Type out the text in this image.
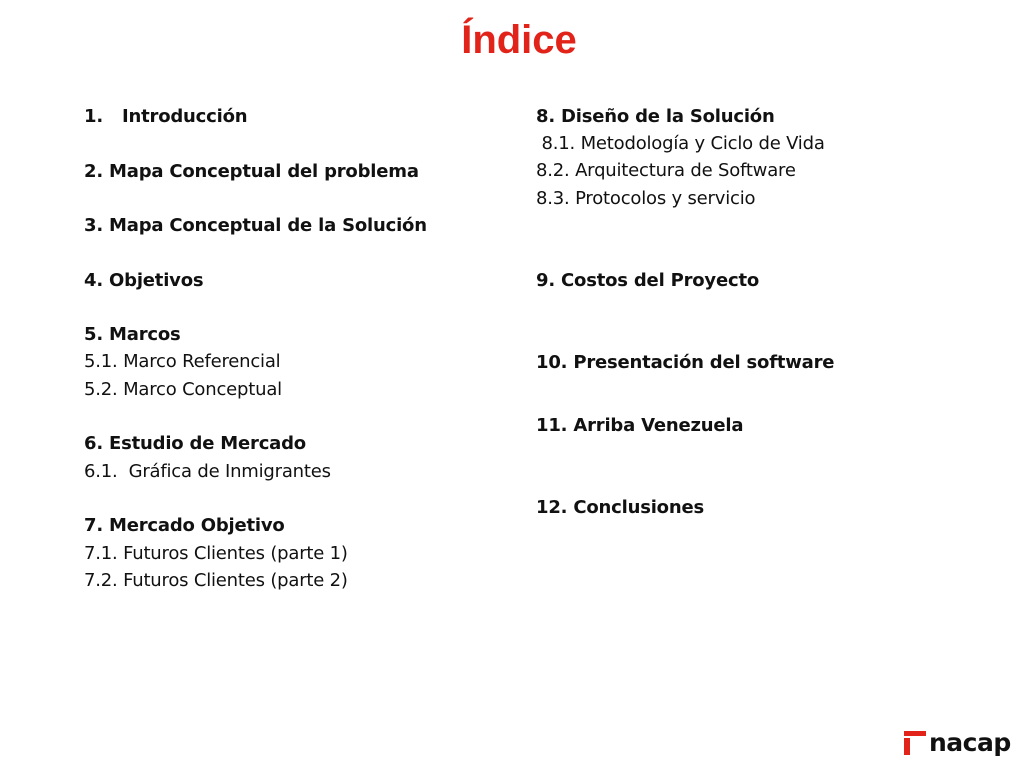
Índice
1. Introducción
2. Mapa Conceptual del problema
3. Mapa Conceptual de la Solución
4. Objetivos
5. Marcos
5.1. Marco Referencial
5.2. Marco Conceptual
6. Estudio de Mercado
6.1.  Gráfica de Inmigrantes
7. Mercado Objetivo
7.1. Futuros Clientes (parte 1)
7.2. Futuros Clientes (parte 2)
8. Diseño de la Solución
8.1. Metodología y Ciclo de Vida
8.2. Arquitectura de Software
8.3. Protocolos y servicio
9. Costos del Proyecto
10. Presentación del software
11. Arriba Venezuela
12. Conclusiones
nacap
